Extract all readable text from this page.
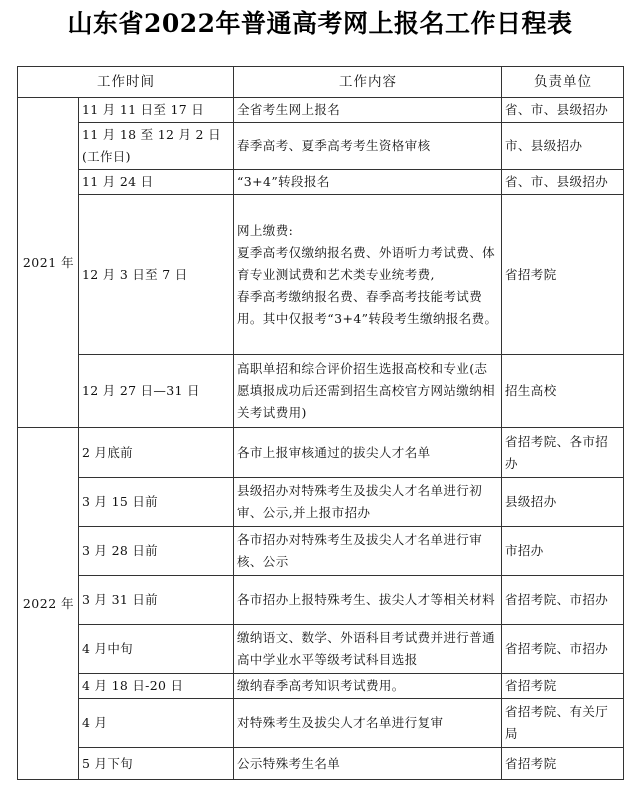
山东省2022年普通高考网上报名工作日程表
工作时间		工作内容	负责单位
2021 年	11 月 11 日至 17 日	全省考生网上报名	省、市、县级招办
	11 月 18 至 12 月 2 日(工作日)	春季高考、夏季高考考生资格审核	市、县级招办
	11 月 24 日	“3+4”转段报名	省、市、县级招办
	12 月 3 日至 7 日	网上缴费:
夏季高考仅缴纳报名费、外语听力考试费、体育专业测试费和艺术类专业统考费,
春季高考缴纳报名费、春季高考技能考试费用。其中仅报考“3+4”转段考生缴纳报名费。	省招考院
	12 月 27 日—31 日	高职单招和综合评价招生选报高校和专业(志愿填报成功后还需到招生高校官方网站缴纳相关考试费用)	招生高校
2022 年	2 月底前	各市上报审核通过的拔尖人才名单	省招考院、各市招办
	3 月 15 日前	县级招办对特殊考生及拔尖人才名单进行初审、公示,并上报市招办	县级招办
	3 月 28 日前	各市招办对特殊考生及拔尖人才名单进行审核、公示	市招办
	3 月 31 日前	各市招办上报特殊考生、拔尖人才等相关材料	省招考院、市招办
	4 月中旬	缴纳语文、数学、外语科目考试费并进行普通高中学业水平等级考试科目选报	省招考院、市招办
	4 月 18 日-20 日	缴纳春季高考知识考试费用。	省招考院
	4 月	对特殊考生及拔尖人才名单进行复审	省招考院、有关厅局
	5 月下旬	公示特殊考生名单	省招考院
